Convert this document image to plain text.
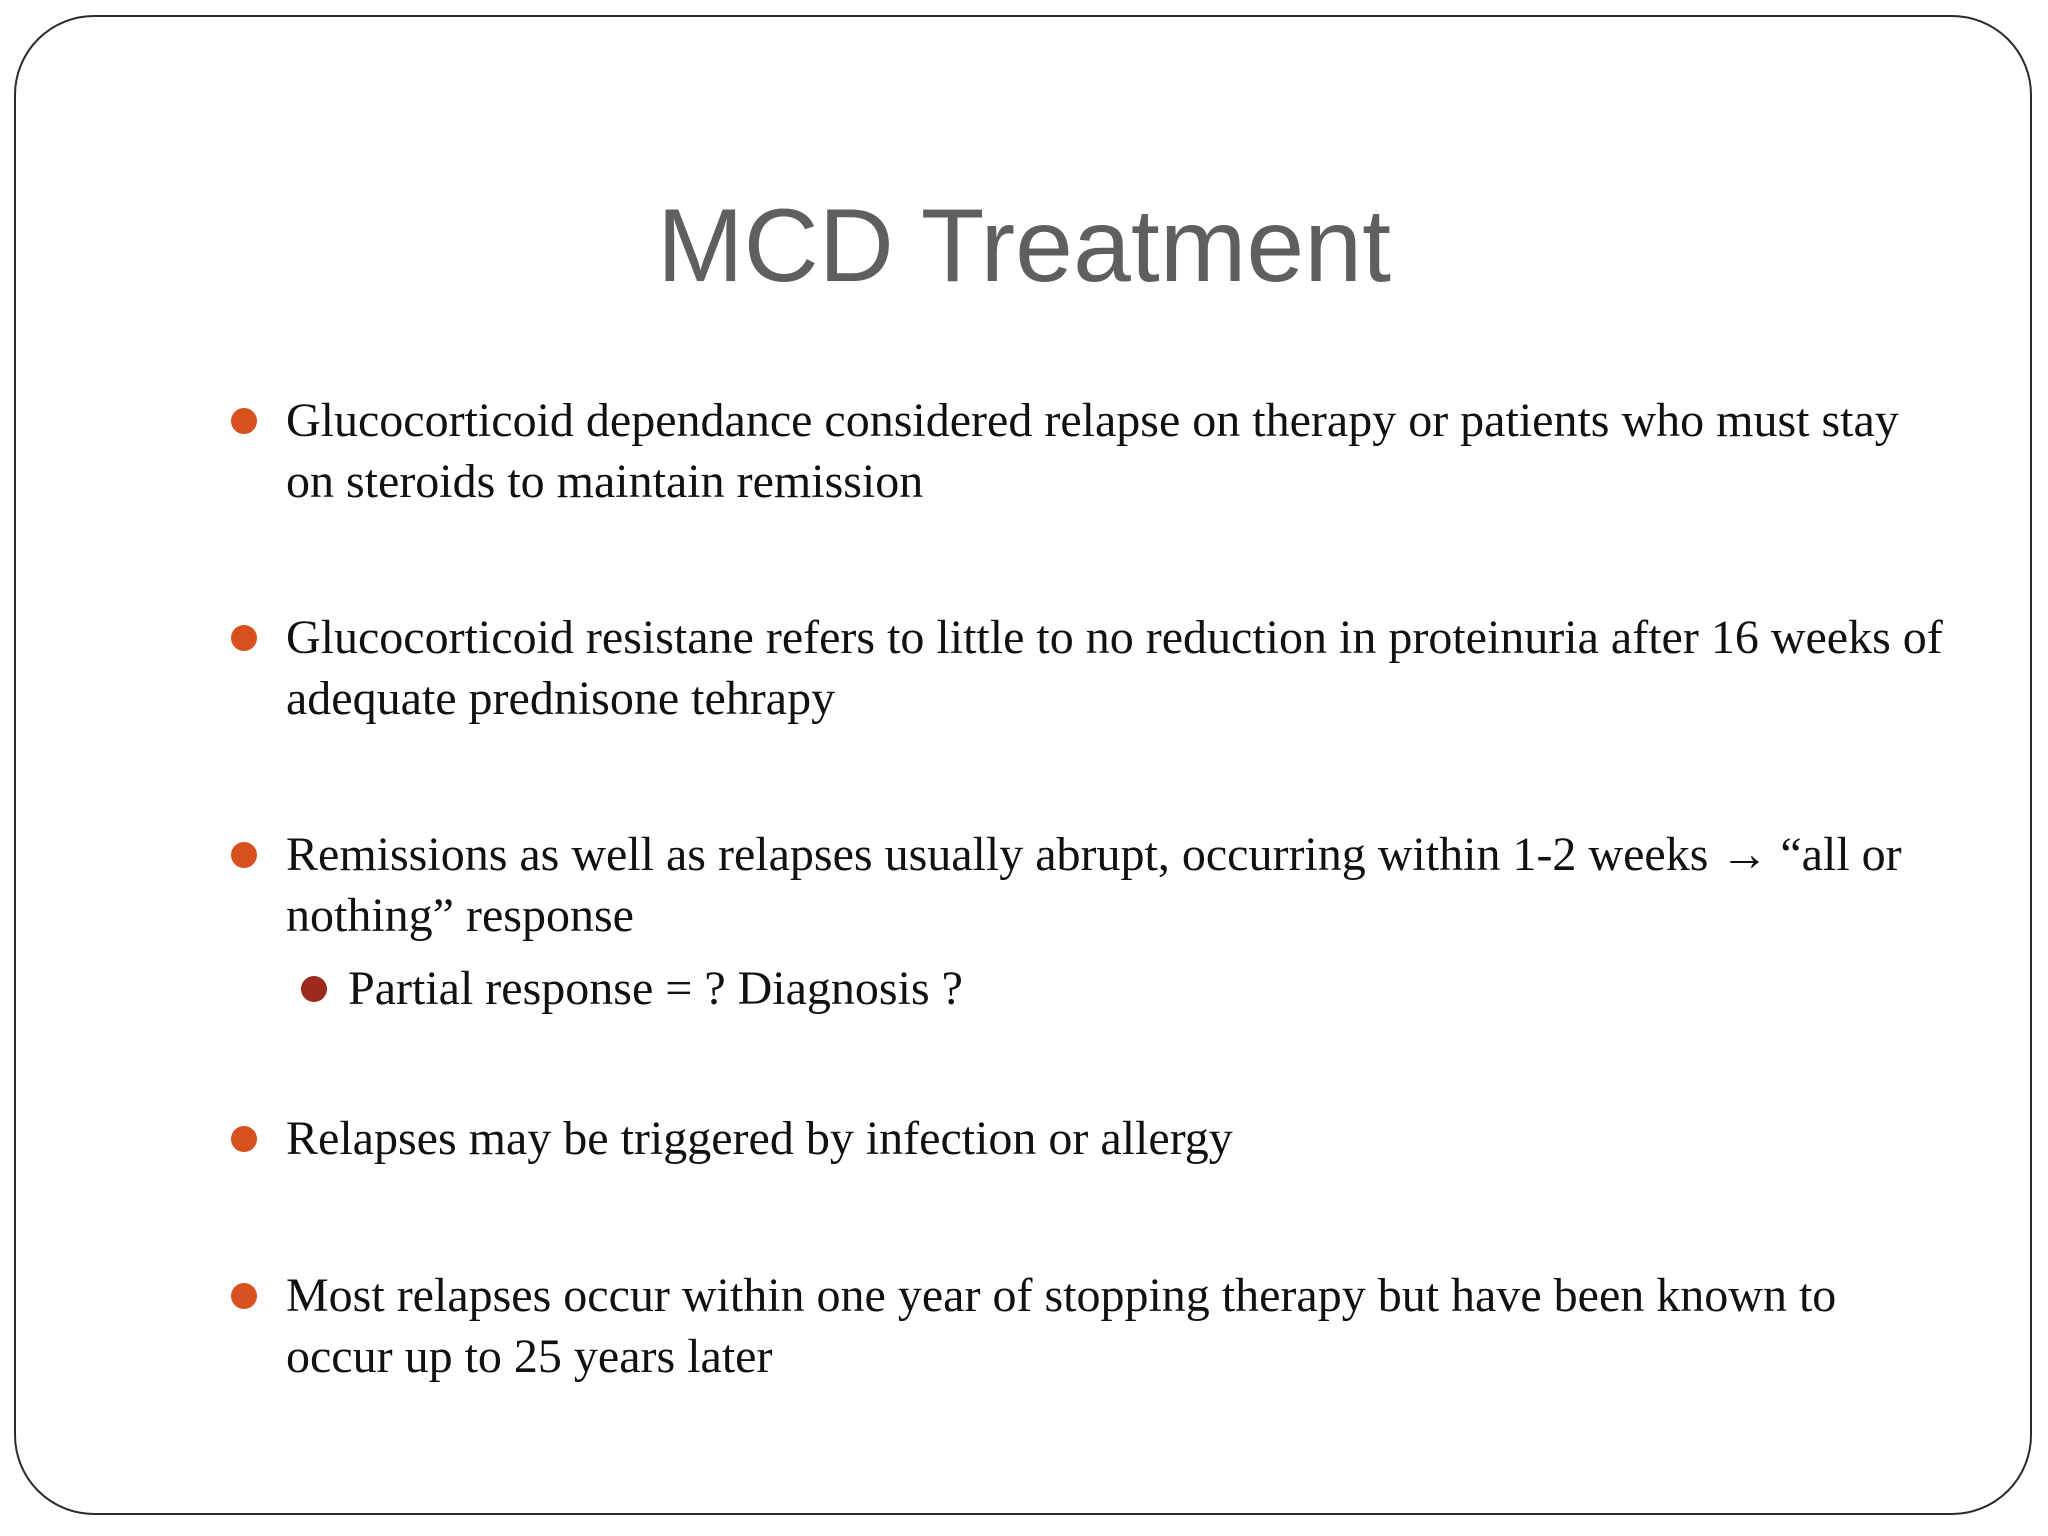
MCD Treatment
Glucocorticoid dependance considered relapse on therapy or patients who must stay on steroids to maintain remission
Glucocorticoid resistane refers to little to no reduction in proteinuria after 16 weeks of adequate prednisone tehrapy
Remissions as well as relapses usually abrupt, occurring within 1-2 weeks → “all or nothing” response
Partial response = ? Diagnosis ?
Relapses may be triggered by infection or allergy
Most relapses occur within one year of stopping therapy but have been known to occur up to 25 years later
